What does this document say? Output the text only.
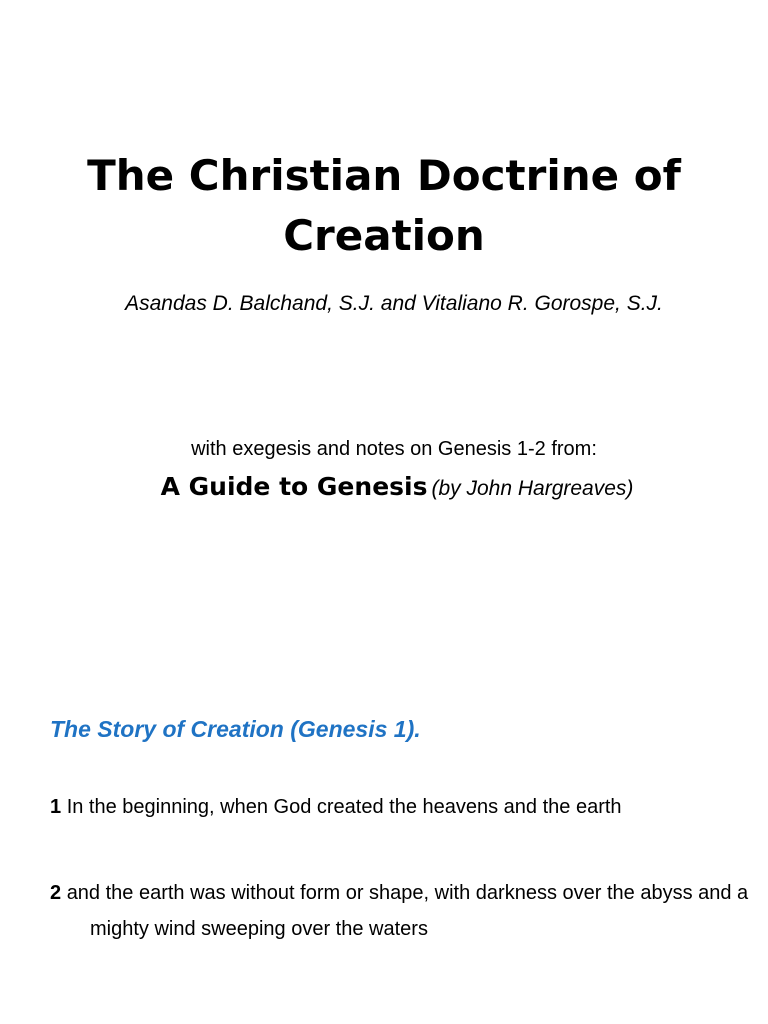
The Christian Doctrine of Creation

Asandas D. Balchand, S.J. and Vitaliano R. Gorospe, S.J.

with exegesis and notes on Genesis 1-2 from:

A Guide to Genesis (by John Hargreaves)

The Story of Creation (Genesis 1).

1 In the beginning, when God created the heavens and the earth

2 and the earth was without form or shape, with darkness over the abyss and a mighty wind sweeping over the waters
